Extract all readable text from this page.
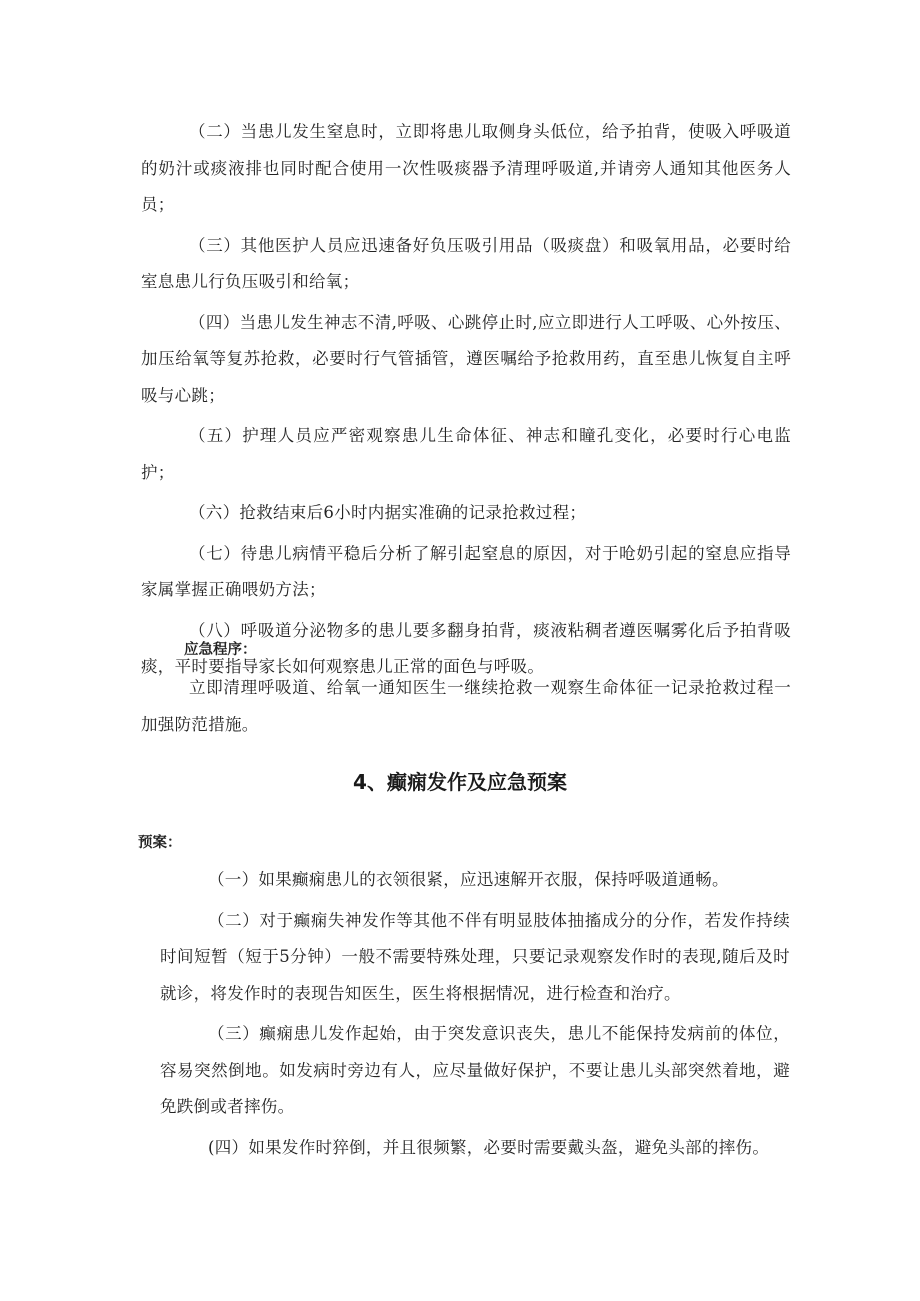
（二）当患儿发生窒息时，立即将患儿取侧身头低位，给予拍背，使吸入呼吸道的奶汁或痰液排也同时配合使用一次性吸痰器予清理呼吸道,并请旁人通知其他医务人员；

（三）其他医护人员应迅速备好负压吸引用品（吸痰盘）和吸氧用品，必要时给室息患儿行负压吸引和给氧；

（四）当患儿发生神志不清,呼吸、心跳停止时,应立即进行人工呼吸、心外按压、加压给氧等复苏抢救，必要时行气管插管，遵医嘱给予抢救用药，直至患儿恢复自主呼吸与心跳；

（五）护理人员应严密观察患儿生命体征、神志和瞳孔变化，必要时行心电监护；

（六）抢救结束后6小时内据实准确的记录抢救过程；

（七）待患儿病情平稳后分析了解引起窒息的原因，对于呛奶引起的窒息应指导家属掌握正确喂奶方法；

（八）呼吸道分泌物多的患儿要多翻身拍背，痰液粘稠者遵医嘱雾化后予拍背吸痰，平时要指导家长如何观察患儿正常的面色与呼吸。

应急程序：

立即清理呼吸道、给氧一通知医生一继续抢救一观察生命体征一记录抢救过程一加强防范措施。

4、癫痫发作及应急预案

预案：

（一）如果癫痫患儿的衣领很紧，应迅速解开衣服，保持呼吸道通畅。

（二）对于癫痫失神发作等其他不伴有明显肢体抽搐成分的分作，若发作持续时间短暂（短于5分钟）一般不需要特殊处理，只要记录观察发作时的表现,随后及时就诊，将发作时的表现告知医生，医生将根据情况，进行检查和治疗。

（三）癫痫患儿发作起始，由于突发意识丧失，患儿不能保持发病前的体位，容易突然倒地。如发病时旁边有人，应尽量做好保护，不要让患儿头部突然着地，避免跌倒或者摔伤。

(四）如果发作时猝倒，并且很频繁，必要时需要戴头盔，避免头部的摔伤。
